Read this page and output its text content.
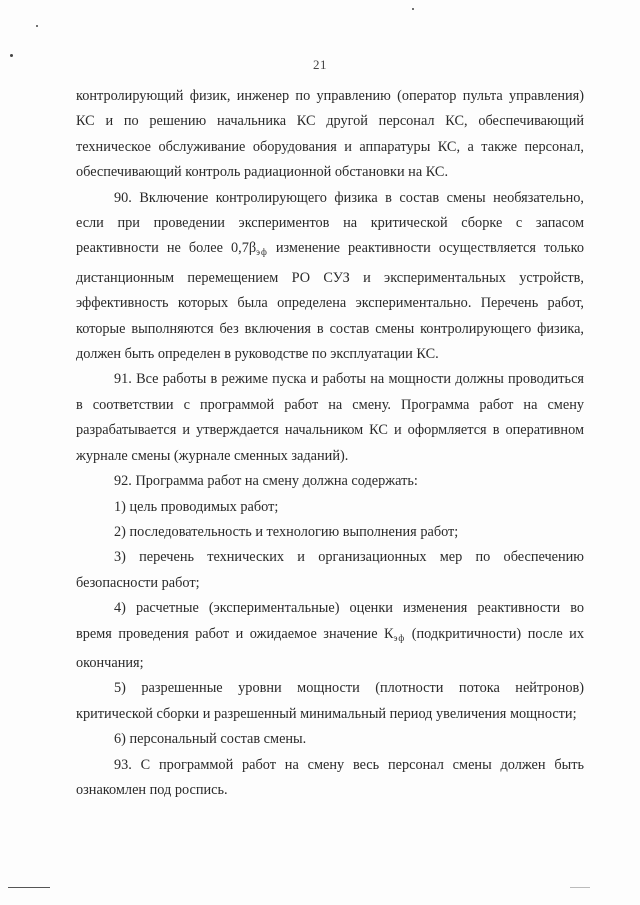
21

контролирующий физик, инженер по управлению (оператор пульта управления) КС и по решению начальника КС другой персонал КС, обеспечивающий техническое обслуживание оборудования и аппаратуры КС, а также персонал, обеспечивающий контроль радиационной обстановки на КС.

90. Включение контролирующего физика в состав смены необязательно, если при проведении экспериментов на критической сборке с запасом реактивности не более $0,7\beta_{эф}$ изменение реактивности осуществляется только дистанционным перемещением РО СУЗ и экспериментальных устройств, эффективность которых была определена экспериментально. Перечень работ, которые выполняются без включения в состав смены контролирующего физика, должен быть определен в руководстве по эксплуатации КС.

91. Все работы в режиме пуска и работы на мощности должны проводиться в соответствии с программой работ на смену. Программа работ на смену разрабатывается и утверждается начальником КС и оформляется в оперативном журнале смены (журнале сменных заданий).

92. Программа работ на смену должна содержать:

1) цель проводимых работ;

2) последовательность и технологию выполнения работ;

3) перечень технических и организационных мер по обеспечению безопасности работ;

4) расчетные (экспериментальные) оценки изменения реактивности во время проведения работ и ожидаемое значение $К_{эф}$ (подкритичности) после их окончания;

5) разрешенные уровни мощности (плотности потока нейтронов) критической сборки и разрешенный минимальный период увеличения мощности;

6) персональный состав смены.

93. С программой работ на смену весь персонал смены должен быть ознакомлен под роспись.
